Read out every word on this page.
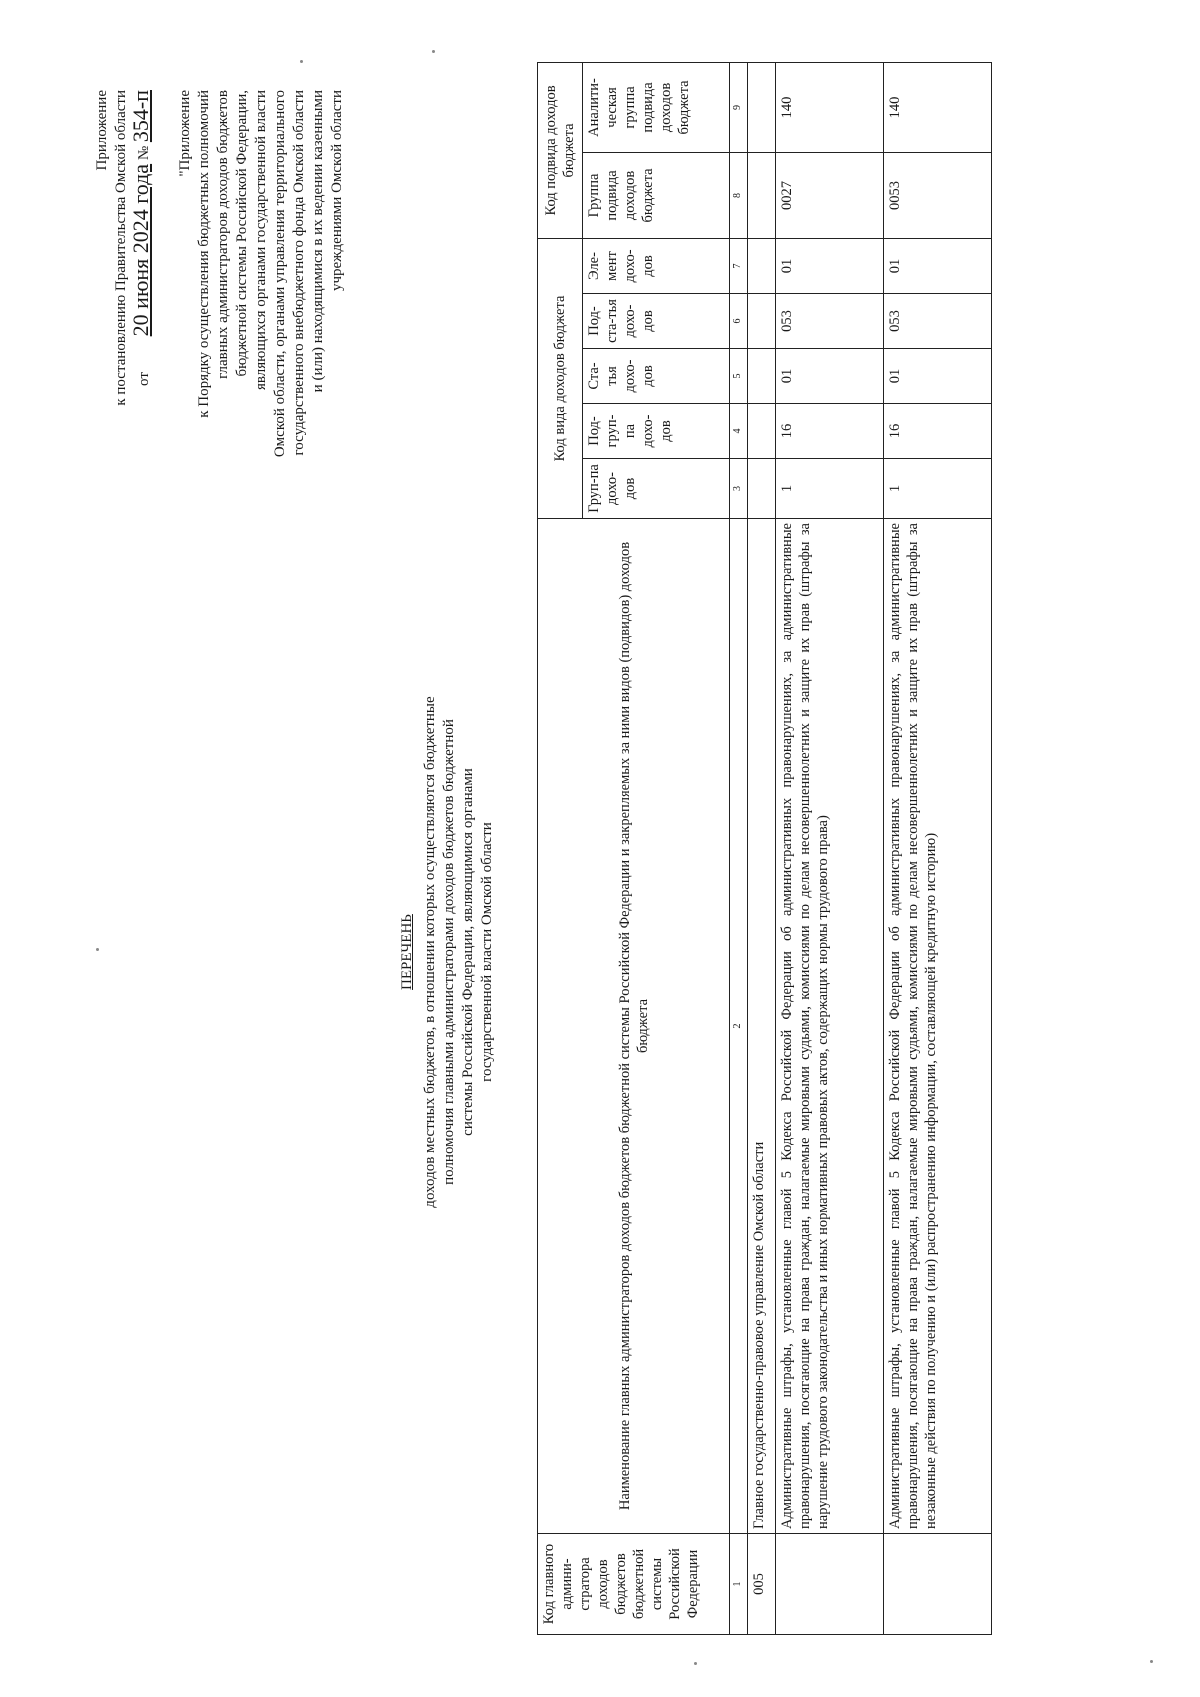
Приложение к постановлению Правительства Омской области от 20 июня 2024 года № 354-п "Приложение к Порядку осуществления бюджетных полномочий главных администраторов доходов бюджетов бюджетной системы Российской Федерации, являющихся органами государственной власти Омской области, органами управления территориального государственного внебюджетного фонда Омской области и (или) находящимися в их ведении казенными учреждениями Омской области
ПЕРЕЧЕНЬ доходов местных бюджетов, в отношении которых осуществляются бюджетные полномочия главными администраторами доходов бюджетов бюджетной системы Российской Федерации, являющимися органами государственной власти Омской области
Код главного админи-стратора доходов бюджетов бюджетной системы Российской Федерации	Наименование главных администраторов доходов бюджетов бюджетной системы Российской Федерации и закрепляемых за ними видов (подвидов) доходов бюджета	Код вида доходов бюджета					Код подвида доходов бюджета	
		Груп-па дохо-дов	Под-груп-па дохо-дов	Ста-тья дохо-дов	Под-ста-тья дохо-дов	Эле-мент дохо-дов	Группа подвида доходов бюджета	Аналити-ческая группа подвида доходов бюджета
1	2	3	4	5	6	7	8	9
005	Главное государственно-правовое управление Омской области							
	Административные штрафы, установленные главой 5 Кодекса Российской Федерации об административных правонарушениях, за административные правонарушения, посягающие на права граждан, налагаемые мировыми судьями, комиссиями по делам несовершеннолетних и защите их прав (штрафы за нарушение трудового законодательства и иных нормативных правовых актов, содержащих нормы трудового права)	1	16	01	053	01	0027	140
	Административные штрафы, установленные главой 5 Кодекса Российской Федерации об административных правонарушениях, за административные правонарушения, посягающие на права граждан, налагаемые мировыми судьями, комиссиями по делам несовершеннолетних и защите их прав (штрафы за незаконные действия по получению и (или) распространению информации, составляющей кредитную историю)	1	16	01	053	01	0053	140
